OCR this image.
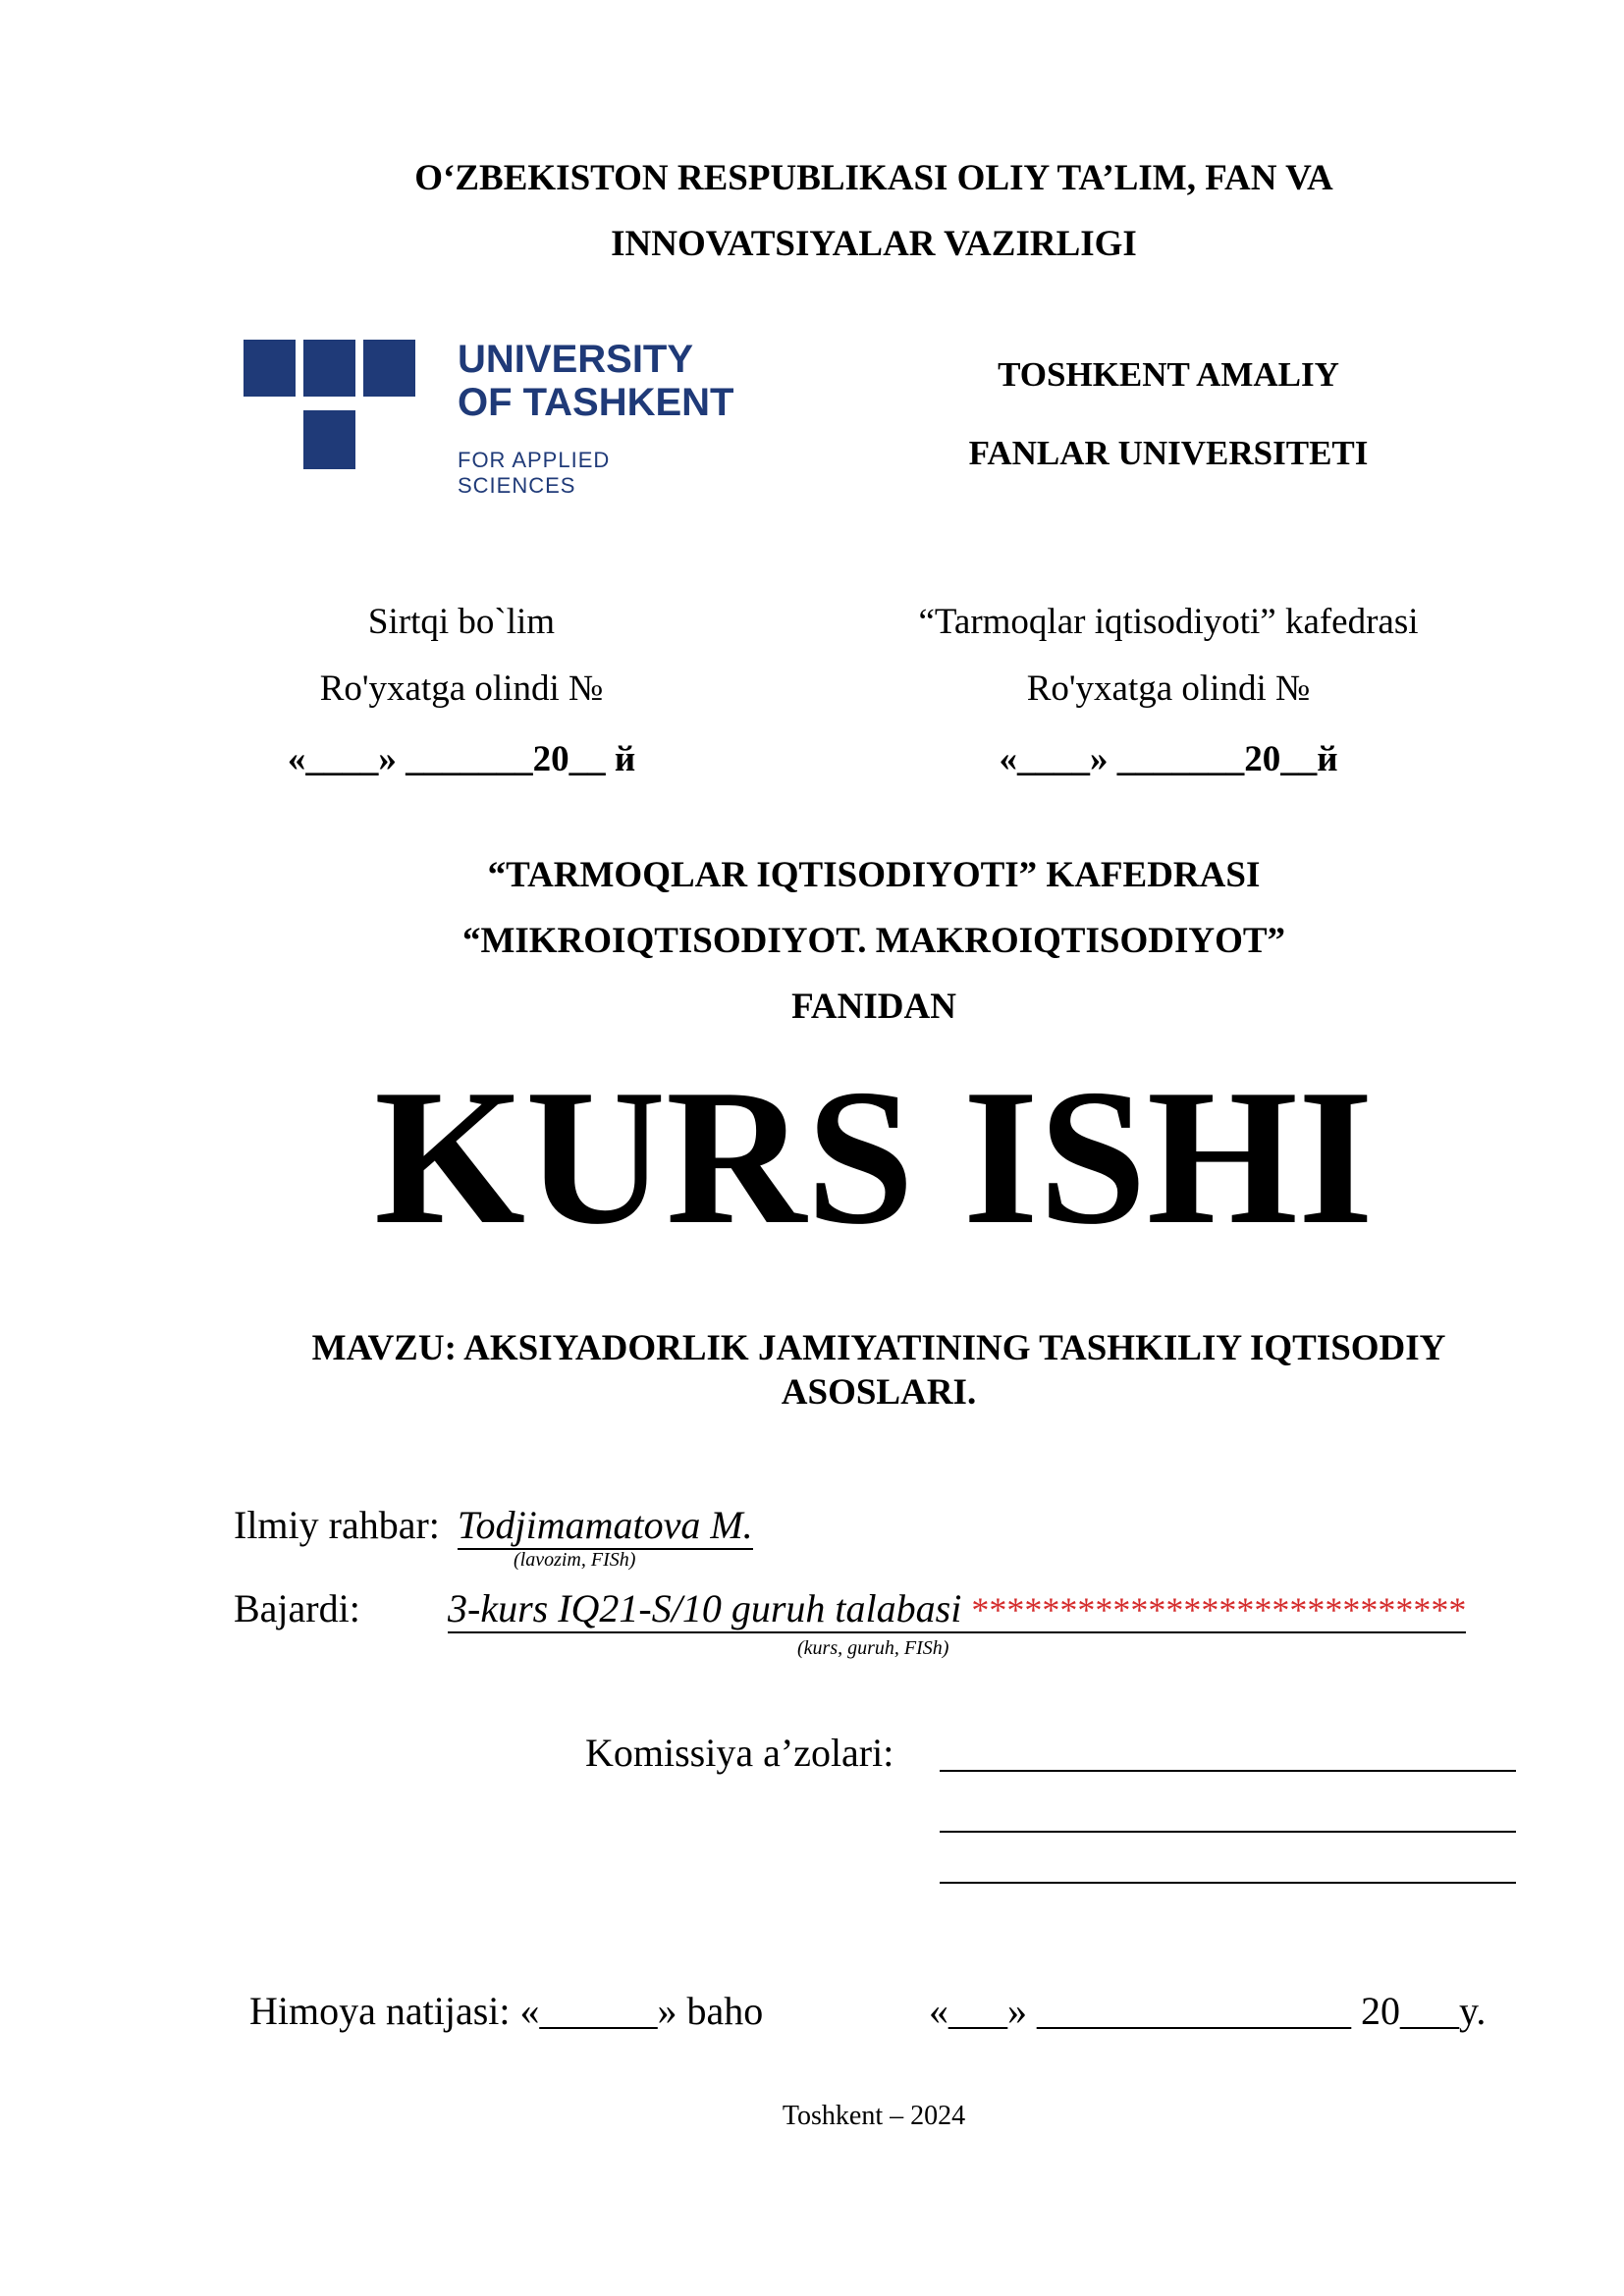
O‘ZBEKISTON RESPUBLIKASI OLIY TA’LIM, FAN VA
INNOVATSIYALAR VAZIRLIGI
UNIVERSITY
OF TASHKENT
FOR APPLIED SCIENCES
TOSHKENT AMALIY
FANLAR UNIVERSITETI
Sirtqi bo`lim
Ro'yxatga olindi №
«____» _______20__ й
“Tarmoqlar iqtisodiyoti” kafedrasi
Ro'yxatga olindi №
«____» _______20__й
“TARMOQLAR IQTISODIYOTI” KAFEDRASI
“MIKROIQTISODIYOT. MAKROIQTISODIYOT”
FANIDAN
KURS ISHI
MAVZU: AKSIYADORLIK JAMIYATINING TASHKILIY IQTISODIY
ASOSLARI.
Ilmiy rahbar: Todjimamatova M.
(lavozim, FISh)
Bajardi: 3-kurs IQ21-S/10 guruh talabasi ****************************
(kurs, guruh, FISh)
Komissiya a’zolari:
Himoya natijasi: «______» baho	«___» ________________ 20___y.
Toshkent – 2024
